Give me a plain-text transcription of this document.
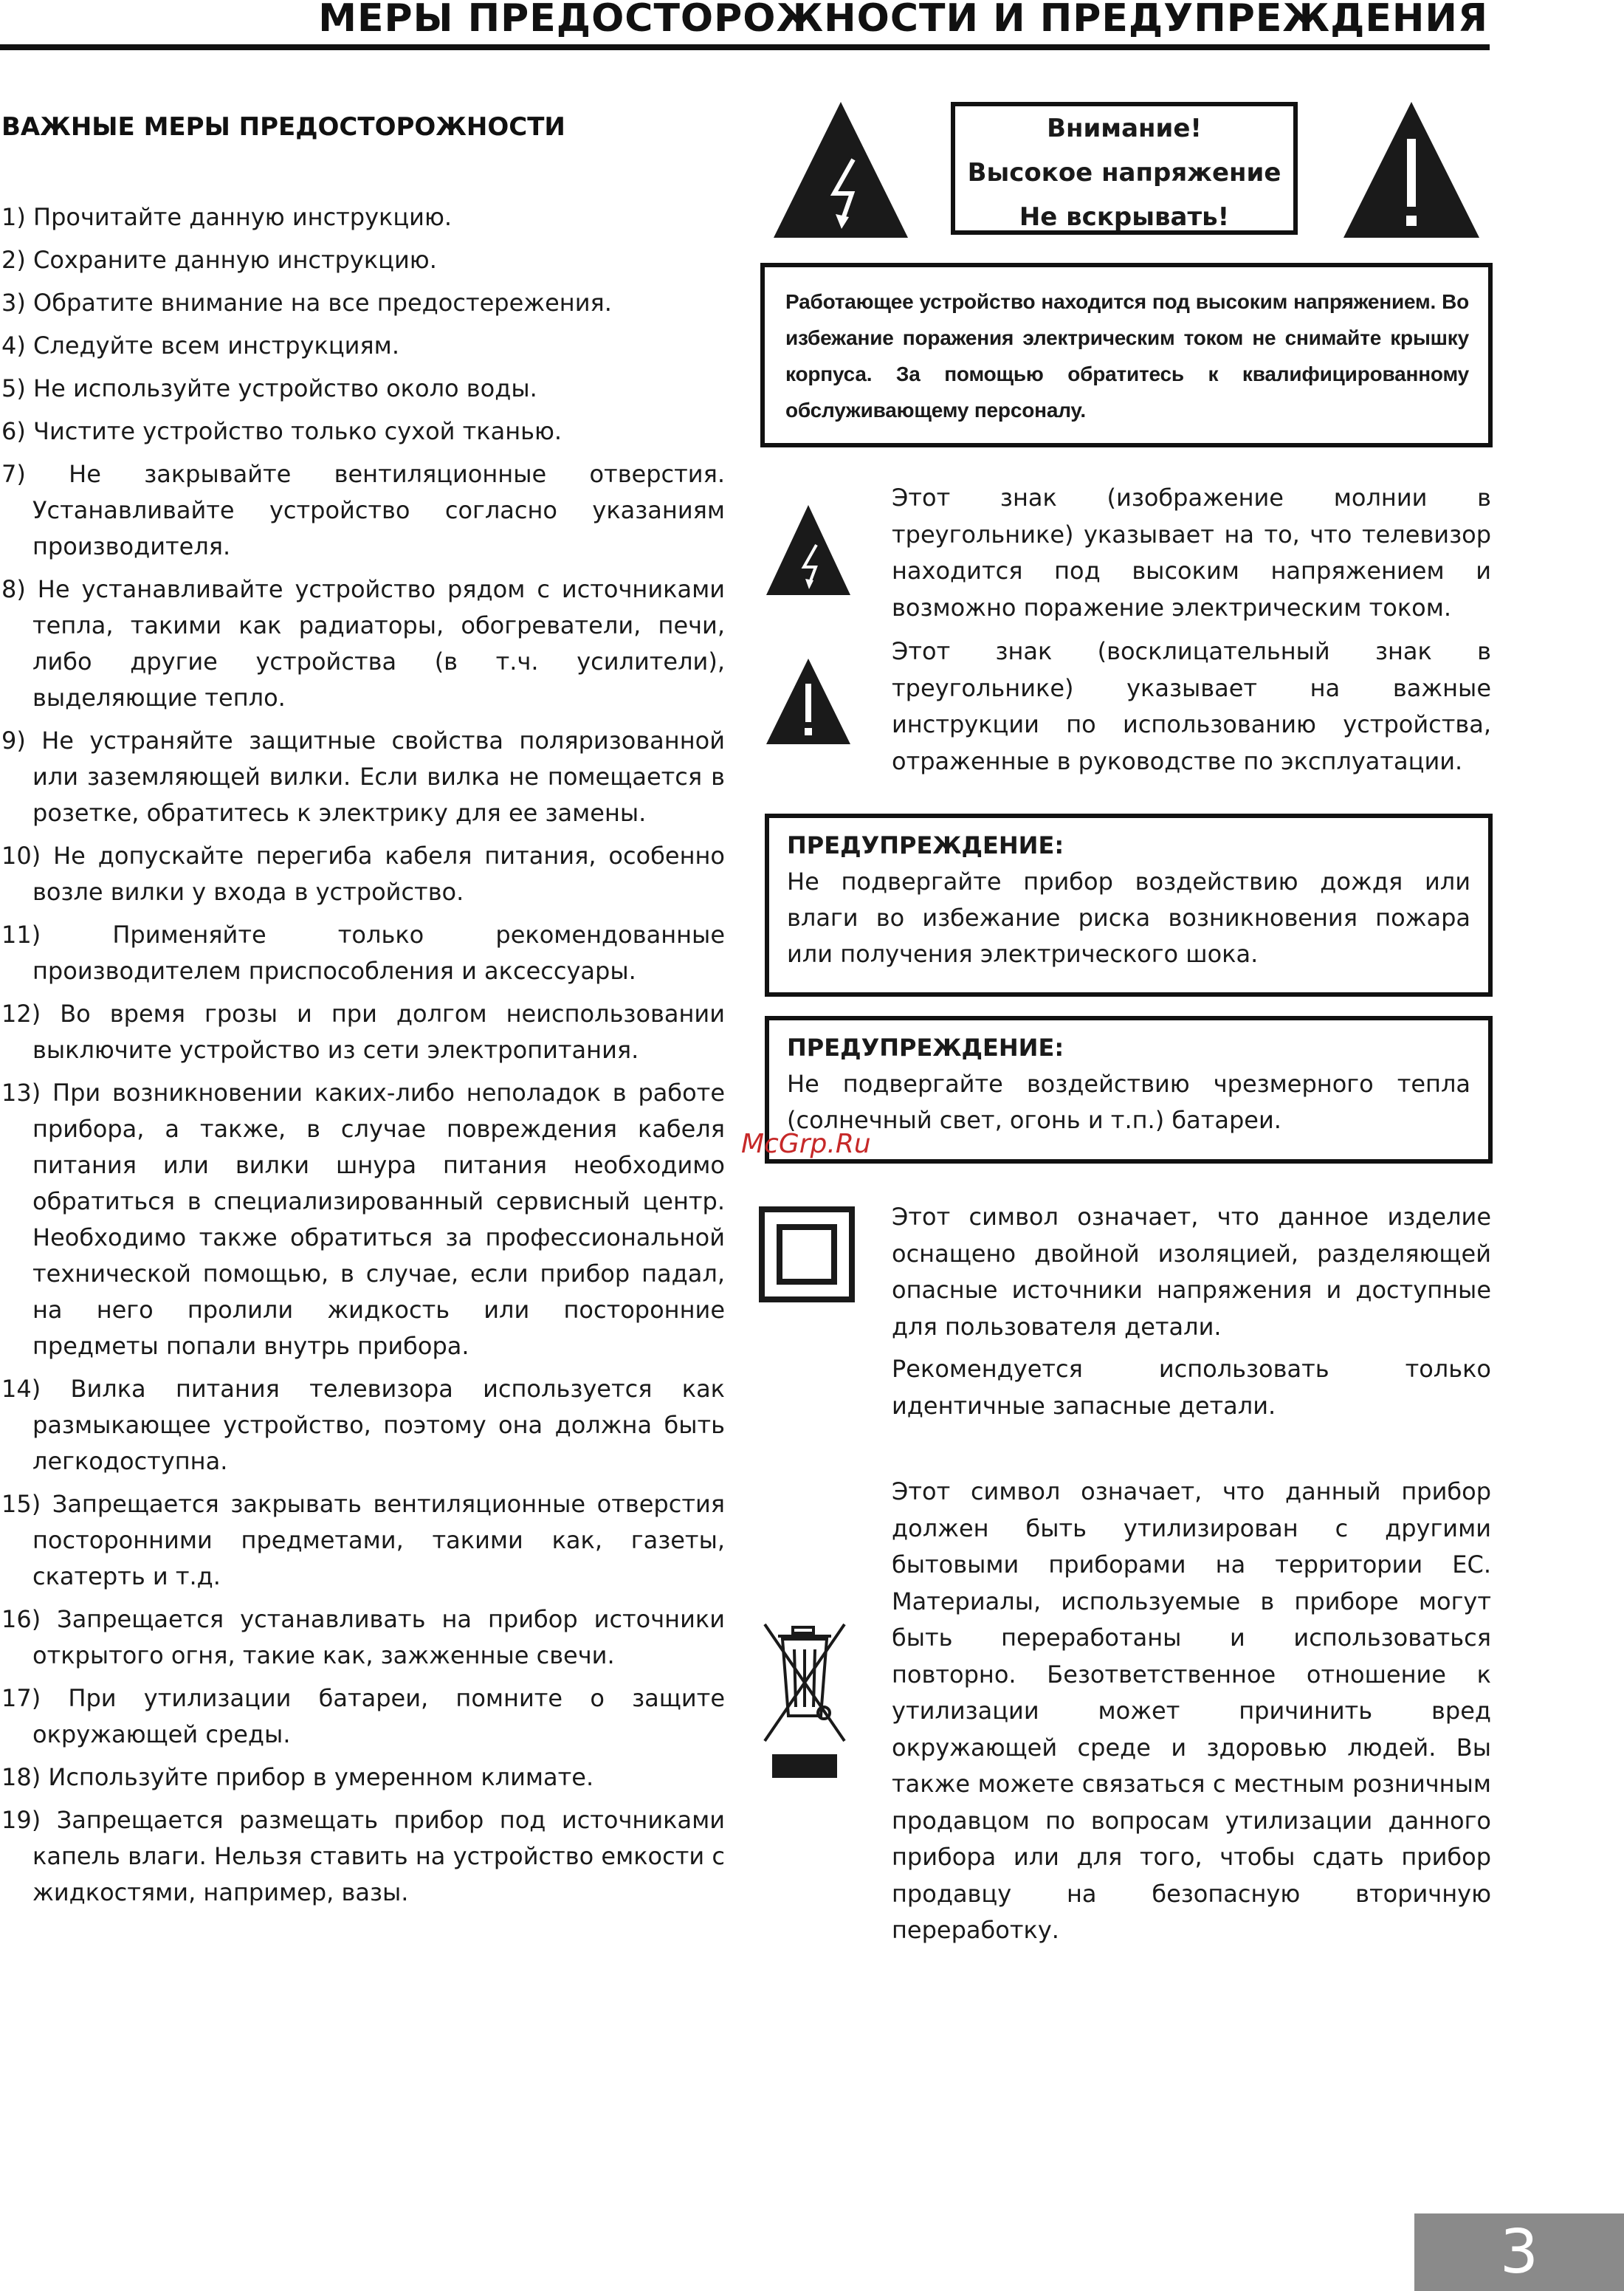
МЕРЫ ПРЕДОСТОРОЖНОСТИ И ПРЕДУПРЕЖДЕНИЯ
ВАЖНЫЕ МЕРЫ ПРЕДОСТОРОЖНОСТИ
1) Прочитайте данную инструкцию.
2) Сохраните данную инструкцию.
3) Обратите внимание на все предостережения.
4) Следуйте всем инструкциям.
5) Не используйте устройство около воды.
6) Чистите устройство только сухой тканью.
7) Не закрывайте вентиляционные отверстия. Устанавливайте устройство согласно указаниям производителя.
8) Не устанавливайте устройство рядом с источниками тепла, такими как радиаторы, обогреватели, печи, либо другие устройства (в т.ч. усилители), выделяющие тепло.
9) Не устраняйте защитные свойства поляризованной или заземляющей вилки. Если вилка не помещается в розетке, обратитесь к электрику для ее замены.
10) Не допускайте перегиба кабеля питания, особенно возле вилки у входа в устройство.
11) Применяйте только рекомендованные производителем приспособления и аксессуары.
12) Во время грозы и при долгом неиспользовании выключите устройство из сети электропитания.
13) При возникновении каких-либо неполадок в работе прибора, а также, в случае повреждения кабеля питания или вилки шнура питания необходимо обратиться в специализированный сервисный центр. Необходимо также обратиться за профессиональной технической помощью, в случае, если прибор падал, на него пролили жидкость или посторонние предметы попали внутрь прибора.
14) Вилка питания телевизора используется как размыкающее устройство, поэтому она должна быть легкодоступна.
15) Запрещается закрывать вентиляционные отверстия посторонними предметами, такими как, газеты, скатерть и т.д.
16) Запрещается устанавливать на прибор источники открытого огня, такие как, зажженные свечи.
17) При утилизации батареи, помните о защите окружающей среды.
18) Используйте прибор в умеренном климате.
19) Запрещается размещать прибор под источниками капель влаги. Нельзя ставить на устройство емкости с жидкостями, например, вазы.
Внимание!
Высокое напряжение
Не вскрывать!
Работающее устройство находится под высоким напряжением. Во избежание поражения электрическим током не снимайте крышку корпуса. За помощью обратитесь к квалифицированному обслуживающему персоналу.

Этот знак (изображение молнии в треугольнике) указывает на то, что телевизор находится под высоким напряжением и возможно поражение электрическим током.

Этот знак (восклицательный знак в треугольнике) указывает на важные инструкции по использованию устройства, отраженные в руководстве по эксплуатации.

ПРЕДУПРЕЖДЕНИЕ:
Не подвергайте прибор воздействию дождя или влаги во избежание риска возникновения пожара или получения электрического шока.
ПРЕДУПРЕЖДЕНИЕ:
Не подвергайте воздействию чрезмерного тепла (солнечный свет, огонь и т.п.) батареи.
McGrp.Ru

Этот символ означает, что данное изделие оснащено двойной изоляцией, разделяющей опасные источники напряжения и доступные для пользователя детали.

Рекомендуется использовать только идентичные запасные детали.

Этот символ означает, что данный прибор должен быть утилизирован с другими бытовыми приборами на территории ЕС. Материалы, используемые в приборе могут быть переработаны и использоваться повторно. Безответственное отношение к утилизации может причинить вред окружающей среде и здоровью людей. Вы также можете связаться с местным розничным продавцом по вопросам утилизации данного прибора или для того, чтобы сдать прибор продавцу на безопасную вторичную переработку.

3
